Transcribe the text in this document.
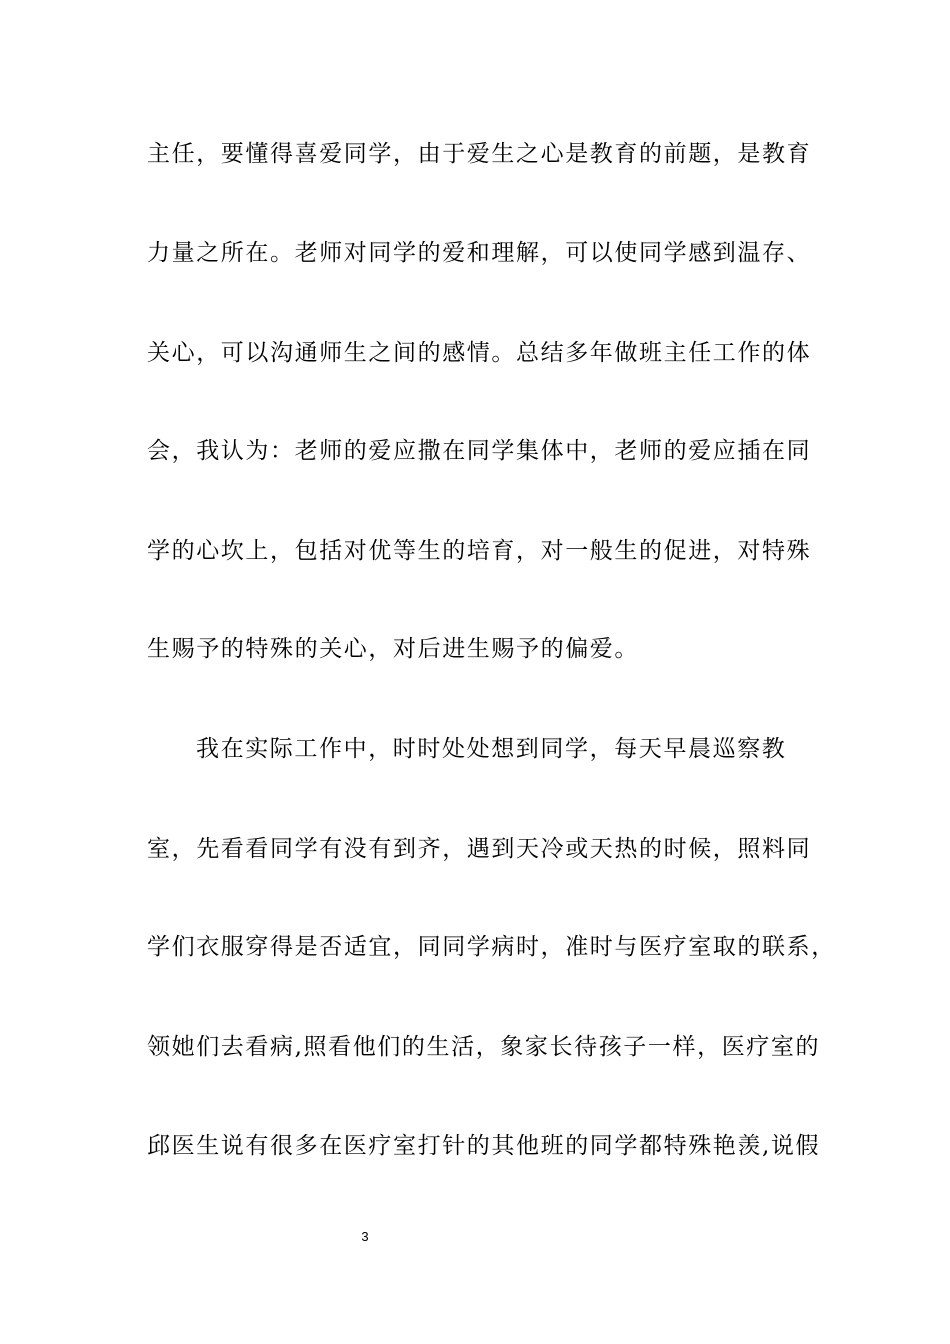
主任，要懂得喜爱同学，由于爱生之心是教育的前题，是教育
力量之所在。老师对同学的爱和理解，可以使同学感到温存、
关心，可以沟通师生之间的感情。总结多年做班主任工作的体
会，我认为：老师的爱应撒在同学集体中，老师的爱应插在同
学的心坎上，包括对优等生的培育，对一般生的促进，对特殊
生赐予的特殊的关心，对后进生赐予的偏爱。
我在实际工作中，时时处处想到同学，每天早晨巡察教
室，先看看同学有没有到齐，遇到天冷或天热的时候，照料同
学们衣服穿得是否适宜，同同学病时，准时与医疗室取的联系，
领她们去看病,照看他们的生活，象家长待孩子一样，医疗室的
邱医生说有很多在医疗室打针的其他班的同学都特殊艳羡,说假
3
